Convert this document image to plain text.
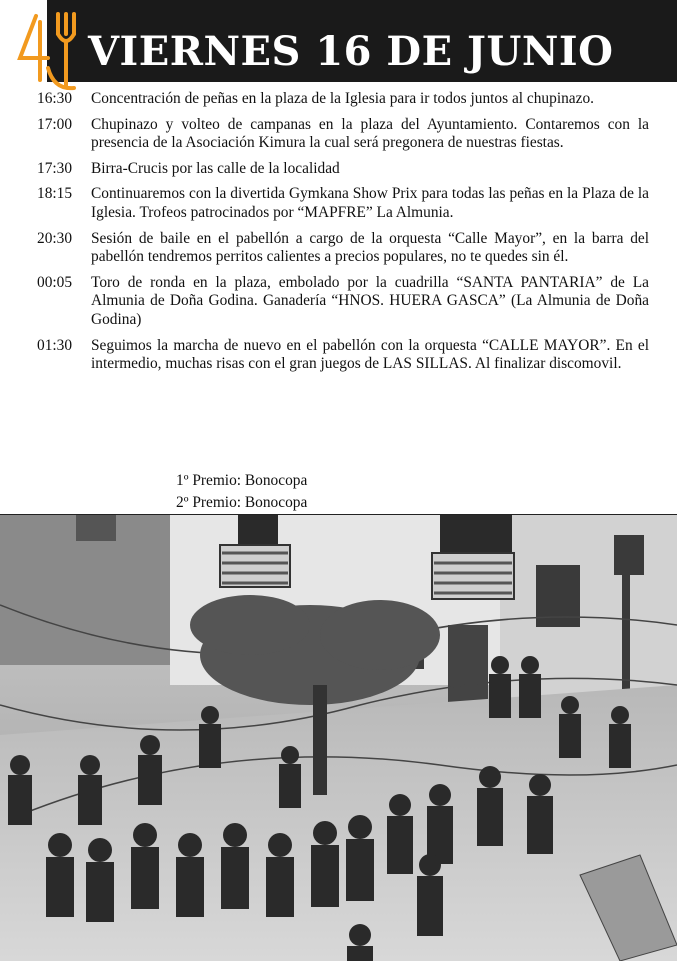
VIERNES 16 DE JUNIO
16:30	Concentración de peñas en la plaza de la Iglesia para ir todos juntos al chupinazo.
17:00	Chupinazo y volteo de campanas en la plaza del Ayuntamiento. Contaremos con la presencia de la Asociación Kimura la cual será pregonera de nuestras fiestas.
17:30	Birra-Crucis por las calle de la localidad
18:15	Continuaremos con la divertida Gymkana Show Prix para todas las peñas en la Plaza de la Iglesia. Trofeos patrocinados por “MAPFRE” La Almunia.
20:30	Sesión de baile en el pabellón a cargo de la orquesta “Calle Mayor”, en la barra del pabellón tendremos perritos calientes a precios populares, no te quedes sin él.
00:05	Toro de ronda en la plaza, embolado por la cuadrilla “SANTA PANTARIA” de La Almunia de Doña Godina. Ganadería “HNOS. HUERA GASCA” (La Almunia de Doña Godina)
01:30	Seguimos la marcha de nuevo en el pabellón con la orquesta “CALLE MAYOR”. En el intermedio, muchas risas con el gran juegos de LAS SILLAS. Al finalizar discomovil.
1º Premio: Bonocopa
2º Premio: Bonocopa
